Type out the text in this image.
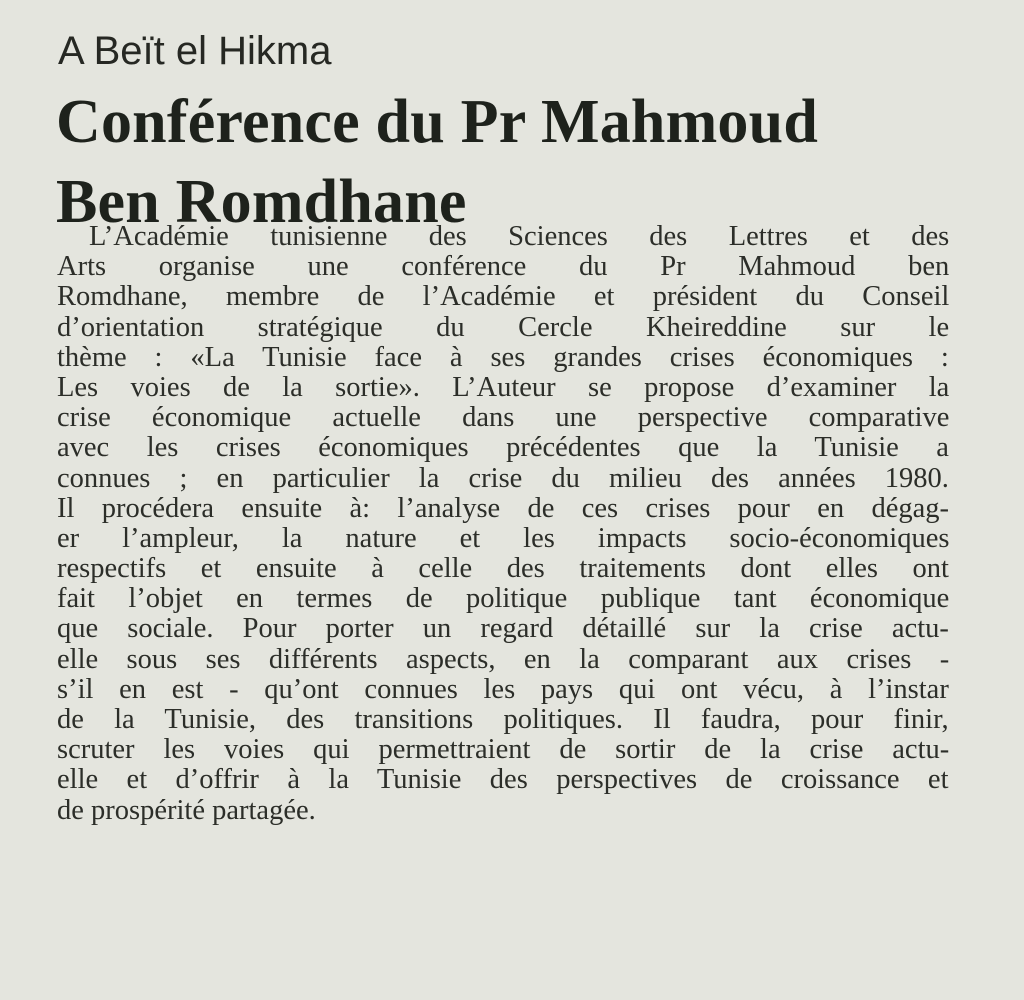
A Beït el Hikma
Conférence du Pr Mahmoud
Ben Romdhane
L’Académie tunisienne des Sciences des Lettres et des
Arts organise une conférence du Pr Mahmoud ben
Romdhane, membre de l’Académie et président du Conseil
d’orientation stratégique du Cercle Kheireddine sur le
thème : «La Tunisie face à ses grandes crises économiques :
Les voies de la sortie». L’Auteur se propose d’examiner la
crise économique actuelle dans une perspective comparative
avec les crises économiques précédentes que la Tunisie a
connues ; en particulier la crise du milieu des années 1980.
Il procédera ensuite à: l’analyse de ces crises pour en dégag-
er l’ampleur, la nature et les impacts socio-économiques
respectifs et ensuite à celle des traitements dont elles ont
fait l’objet en termes de politique publique tant économique
que sociale. Pour porter un regard détaillé sur la crise actu-
elle sous ses différents aspects, en la comparant aux crises -
s’il en est - qu’ont connues les pays qui ont vécu, à l’instar
de la Tunisie, des transitions politiques. Il faudra, pour finir,
scruter les voies qui permettraient de sortir de la crise actu-
elle et d’offrir à la Tunisie des perspectives de croissance et
de prospérité partagée.
